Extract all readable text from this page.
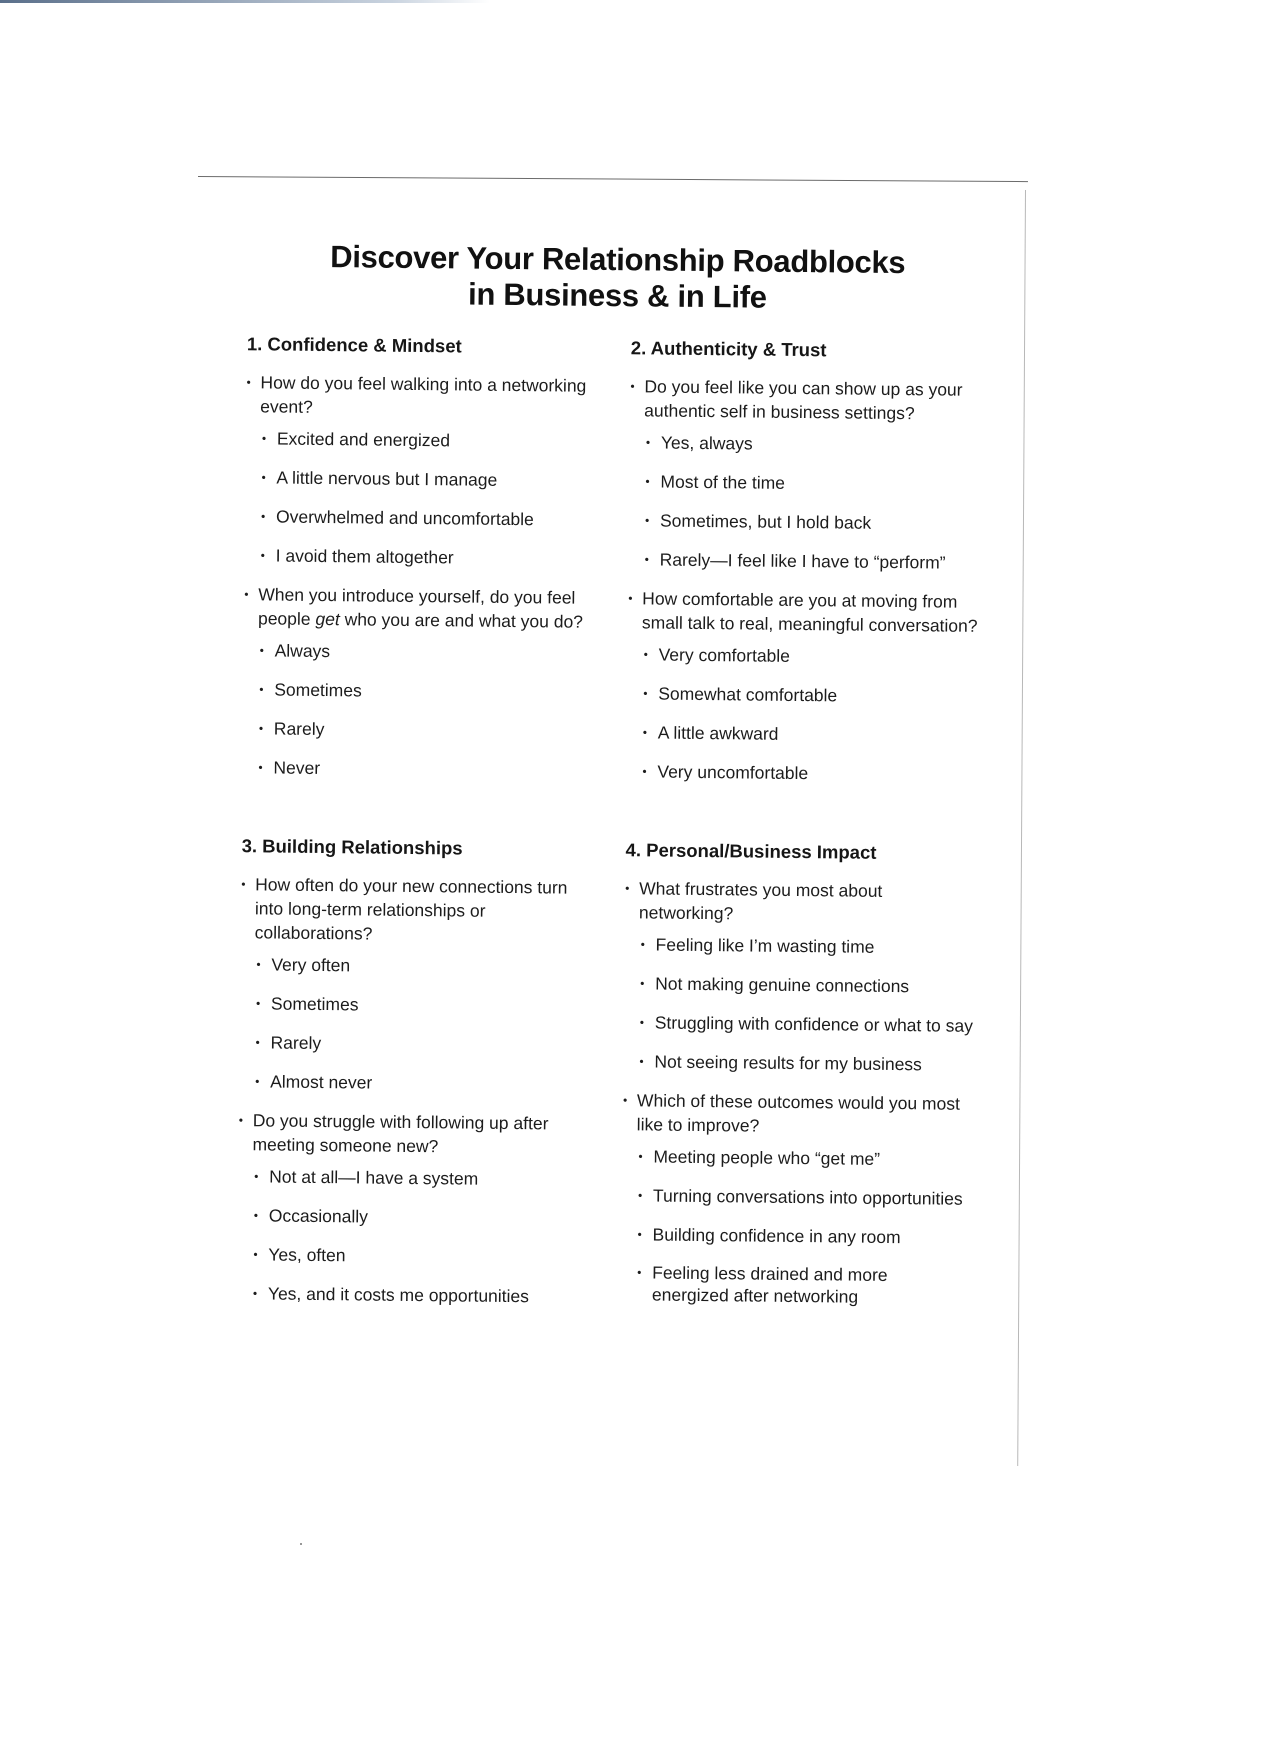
Discover Your Relationship Roadblocks
in Business & in Life
1. Confidence & Mindset
• How do you feel walking into a networking event?
• Excited and energized
• A little nervous but I manage
• Overwhelmed and uncomfortable
• I avoid them altogether
• When you introduce yourself, do you feel people get who you are and what you do?
• Always
• Sometimes
• Rarely
• Never
2. Authenticity & Trust
• Do you feel like you can show up as your authentic self in business settings?
• Yes, always
• Most of the time
• Sometimes, but I hold back
• Rarely—I feel like I have to “perform”
• How comfortable are you at moving from small talk to real, meaningful conversation?
• Very comfortable
• Somewhat comfortable
• A little awkward
• Very uncomfortable
3. Building Relationships
• How often do your new connections turn into long-term relationships or collaborations?
• Very often
• Sometimes
• Rarely
• Almost never
• Do you struggle with following up after meeting someone new?
• Not at all—I have a system
• Occasionally
• Yes, often
• Yes, and it costs me opportunities
4. Personal/Business Impact
• What frustrates you most about networking?
• Feeling like I’m wasting time
• Not making genuine connections
• Struggling with confidence or what to say
• Not seeing results for my business
• Which of these outcomes would you most like to improve?
• Meeting people who “get me”
• Turning conversations into opportunities
• Building confidence in any room
• Feeling less drained and more energized after networking
